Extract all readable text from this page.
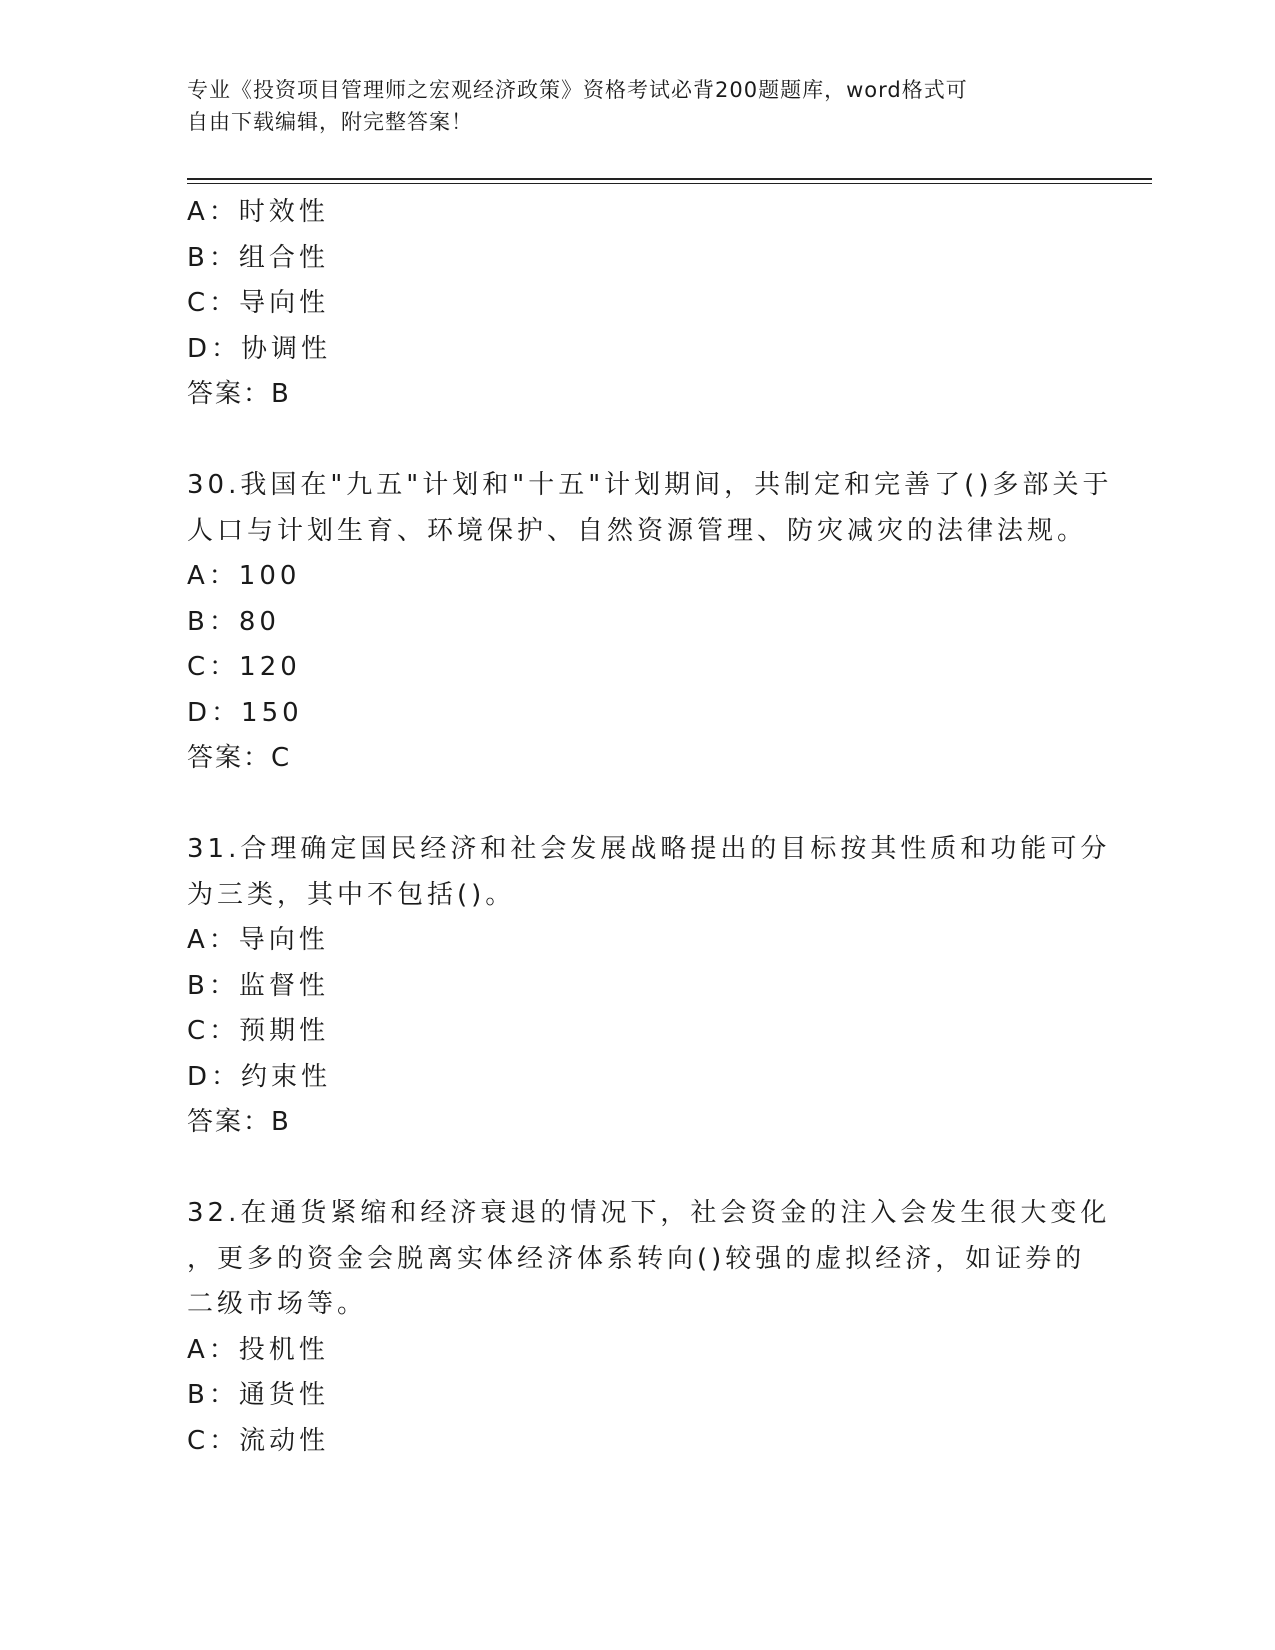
专业《投资项目管理师之宏观经济政策》资格考试必背200题题库，word格式可
自由下载编辑，附完整答案！

A：时效性
B：组合性
C：导向性
D：协调性
答案：B
30.我国在"九五"计划和"十五"计划期间，共制定和完善了()多部关于
人口与计划生育、环境保护、自然资源管理、防灾减灾的法律法规。
A：100
B：80
C：120
D：150
答案：C
31.合理确定国民经济和社会发展战略提出的目标按其性质和功能可分
为三类，其中不包括()。
A：导向性
B：监督性
C：预期性
D：约束性
答案：B
32.在通货紧缩和经济衰退的情况下，社会资金的注入会发生很大变化
，更多的资金会脱离实体经济体系转向()较强的虚拟经济，如证券的
二级市场等。
A：投机性
B：通货性
C：流动性
